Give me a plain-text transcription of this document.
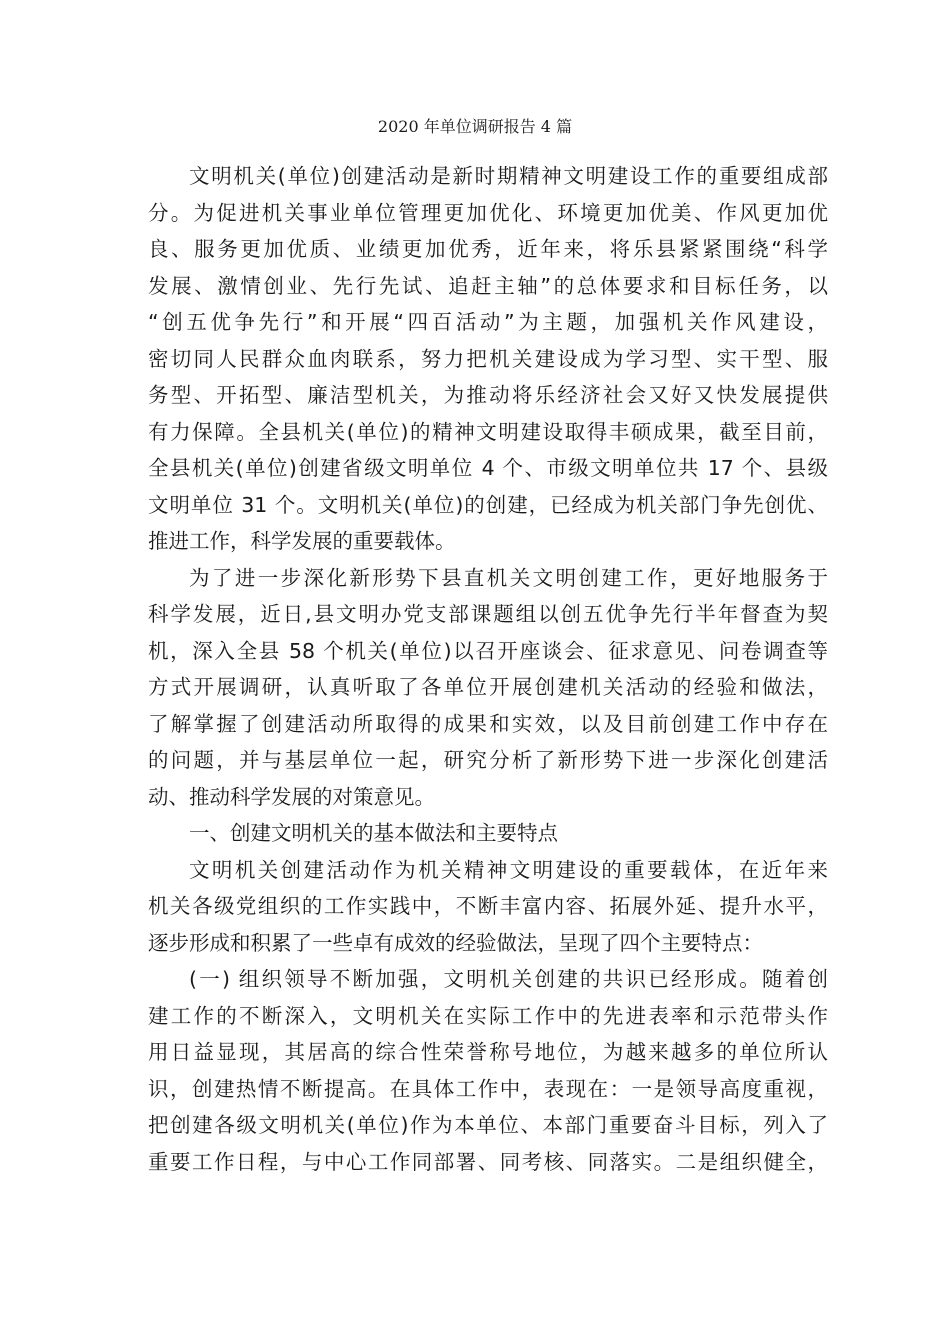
2020 年单位调研报告 4 篇
文明机关(单位)创建活动是新时期精神文明建设工作的重要组成部
分。为促进机关事业单位管理更加优化、环境更加优美、作风更加优
良、服务更加优质、业绩更加优秀，近年来，将乐县紧紧围绕“科学
发展、激情创业、先行先试、追赶主轴”的总体要求和目标任务，以
“创五优争先行”和开展“四百活动”为主题，加强机关作风建设，
密切同人民群众血肉联系，努力把机关建设成为学习型、实干型、服
务型、开拓型、廉洁型机关，为推动将乐经济社会又好又快发展提供
有力保障。全县机关(单位)的精神文明建设取得丰硕成果，截至目前，
全县机关(单位)创建省级文明单位 4 个、市级文明单位共 17 个、县级
文明单位 31 个。文明机关(单位)的创建，已经成为机关部门争先创优、
推进工作，科学发展的重要载体。
为了进一步深化新形势下县直机关文明创建工作，更好地服务于
科学发展，近日,县文明办党支部课题组以创五优争先行半年督查为契
机，深入全县 58 个机关(单位)以召开座谈会、征求意见、问卷调查等
方式开展调研，认真听取了各单位开展创建机关活动的经验和做法，
了解掌握了创建活动所取得的成果和实效，以及目前创建工作中存在
的问题，并与基层单位一起，研究分析了新形势下进一步深化创建活
动、推动科学发展的对策意见。
一、创建文明机关的基本做法和主要特点
文明机关创建活动作为机关精神文明建设的重要载体，在近年来
机关各级党组织的工作实践中，不断丰富内容、拓展外延、提升水平，
逐步形成和积累了一些卓有成效的经验做法，呈现了四个主要特点：
(一) 组织领导不断加强，文明机关创建的共识已经形成。随着创
建工作的不断深入，文明机关在实际工作中的先进表率和示范带头作
用日益显现，其居高的综合性荣誉称号地位，为越来越多的单位所认
识，创建热情不断提高。在具体工作中，表现在：一是领导高度重视，
把创建各级文明机关(单位)作为本单位、本部门重要奋斗目标，列入了
重要工作日程，与中心工作同部署、同考核、同落实。二是组织健全，
